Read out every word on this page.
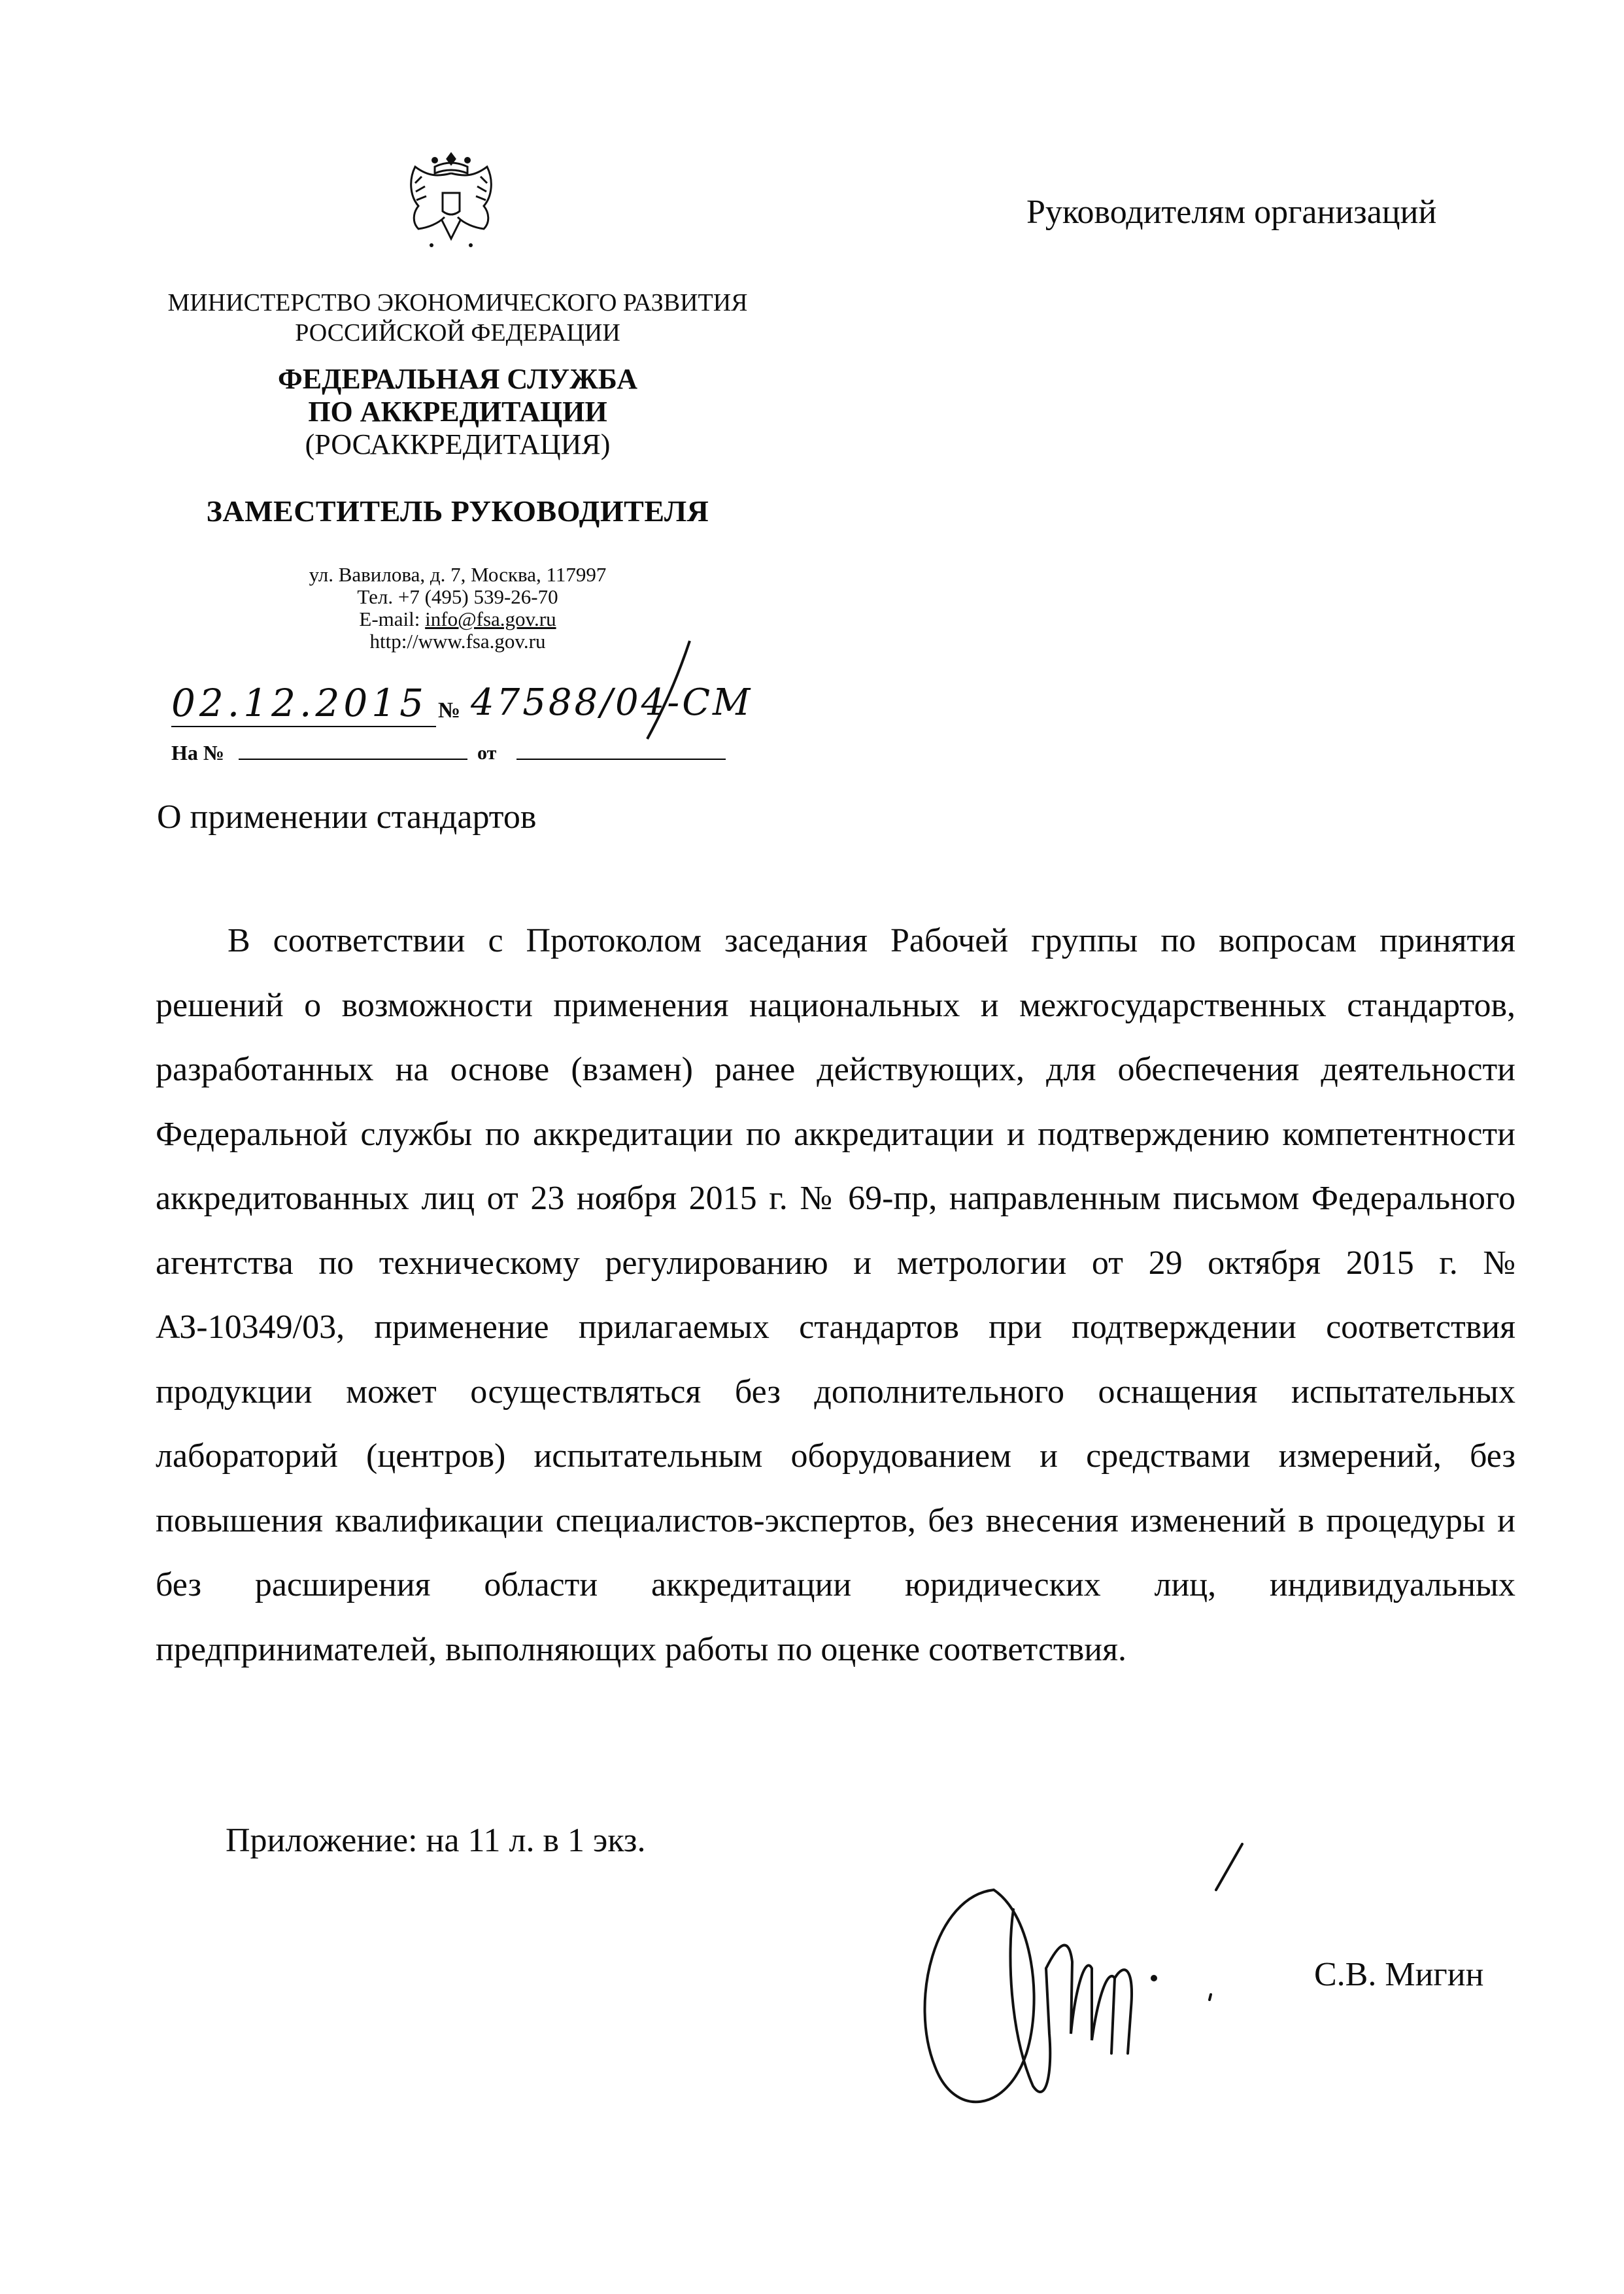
МИНИСТЕРСТВО ЭКОНОМИЧЕСКОГО РАЗВИТИЯ
РОССИЙСКОЙ ФЕДЕРАЦИИ
ФЕДЕРАЛЬНАЯ СЛУЖБА
ПО АККРЕДИТАЦИИ
(РОСАККРЕДИТАЦИЯ)
ЗАМЕСТИТЕЛЬ РУКОВОДИТЕЛЯ
ул. Вавилова, д. 7, Москва, 117997
Тел. +7 (495) 539-26-70
E-mail: info@fsa.gov.ru
http://www.fsa.gov.ru
Руководителям организаций
02.12.2015 № 47588/04-СМ
На №	от
О применении стандартов

В соответствии с Протоколом заседания Рабочей группы по вопросам принятия решений о возможности применения национальных и межгосударственных стандартов, разработанных на основе (взамен) ранее действующих, для обеспечения деятельности Федеральной службы по аккредитации по аккредитации и подтверждению компетентности аккредитованных лиц от 23 ноября 2015 г. № 69-пр, направленным письмом Федерального агентства по техническому регулированию и метрологии от 29 октября 2015 г. № АЗ-10349/03, применение прилагаемых стандартов при подтверждении соответствия продукции может осуществляться без дополнительного оснащения испытательных лабораторий (центров) испытательным оборудованием и средствами измерений, без повышения квалификации специалистов-экспертов, без внесения изменений в процедуры и без расширения области аккредитации юридических лиц, индивидуальных предпринимателей, выполняющих работы по оценке соответствия.

Приложение: на 11 л. в 1 экз.
С.В. Мигин
